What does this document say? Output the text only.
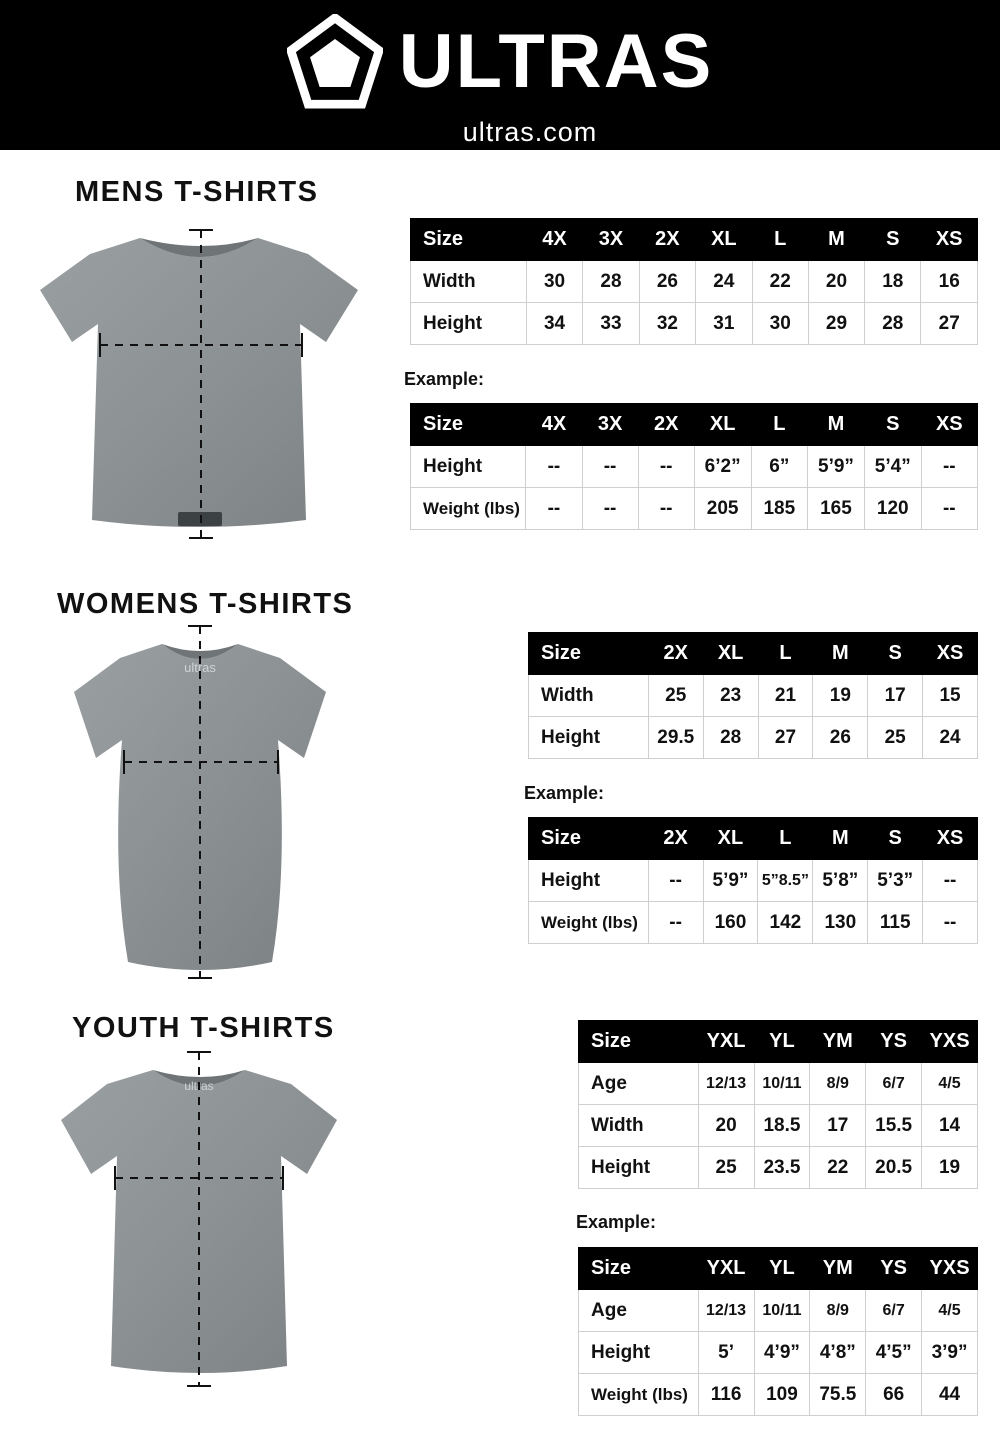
ULTRAS
ultras.com
MENS T-SHIRTS
Size	4X	3X	2X	XL	L	M	S	XS
Width	30	28	26	24	22	20	18	16
Height	34	33	32	31	30	29	28	27
Example:
Size	4X	3X	2X	XL	L	M	S	XS
Height	--	--	--	6’2”	6”	5’9”	5’4”	--
Weight (lbs)	--	--	--	205	185	165	120	--
WOMENS T-SHIRTS
ultras
Size	2X	XL	L	M	S	XS
Width	25	23	21	19	17	15
Height	29.5	28	27	26	25	24
Example:
Size	2X	XL	L	M	S	XS
Height	--	5’9”	5”8.5”	5’8”	5’3”	--
Weight (lbs)	--	160	142	130	115	--
YOUTH T-SHIRTS
ultras
Size	YXL	YL	YM	YS	YXS
Age	12/13	10/11	8/9	6/7	4/5
Width	20	18.5	17	15.5	14
Height	25	23.5	22	20.5	19
Example:
Size	YXL	YL	YM	YS	YXS
Age	12/13	10/11	8/9	6/7	4/5
Height	5’	4’9”	4’8”	4’5”	3’9”
Weight (lbs)	116	109	75.5	66	44
